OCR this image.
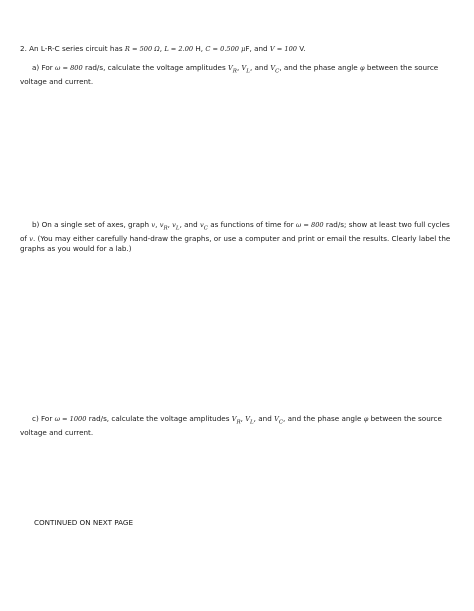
2. An L-R-C series circuit has R = 500 Ω, L = 2.00 H, C = 0.500 μF, and V = 100 V.
a) For ω = 800 rad/s, calculate the voltage amplitudes $V_R$, $V_L$, and $V_C$, and the phase angle φ between the source voltage and current.
b) On a single set of axes, graph v, $v_R$, $v_L$, and $v_C$ as functions of time for ω = 800 rad/s; show at least two full cycles of v. (You may either carefully hand-draw the graphs, or use a computer and print or email the results. Clearly label the graphs as you would for a lab.)
c) For ω = 1000 rad/s, calculate the voltage amplitudes $V_R$, $V_L$, and $V_C$, and the phase angle φ between the source voltage and current.
CONTINUED ON NEXT PAGE
